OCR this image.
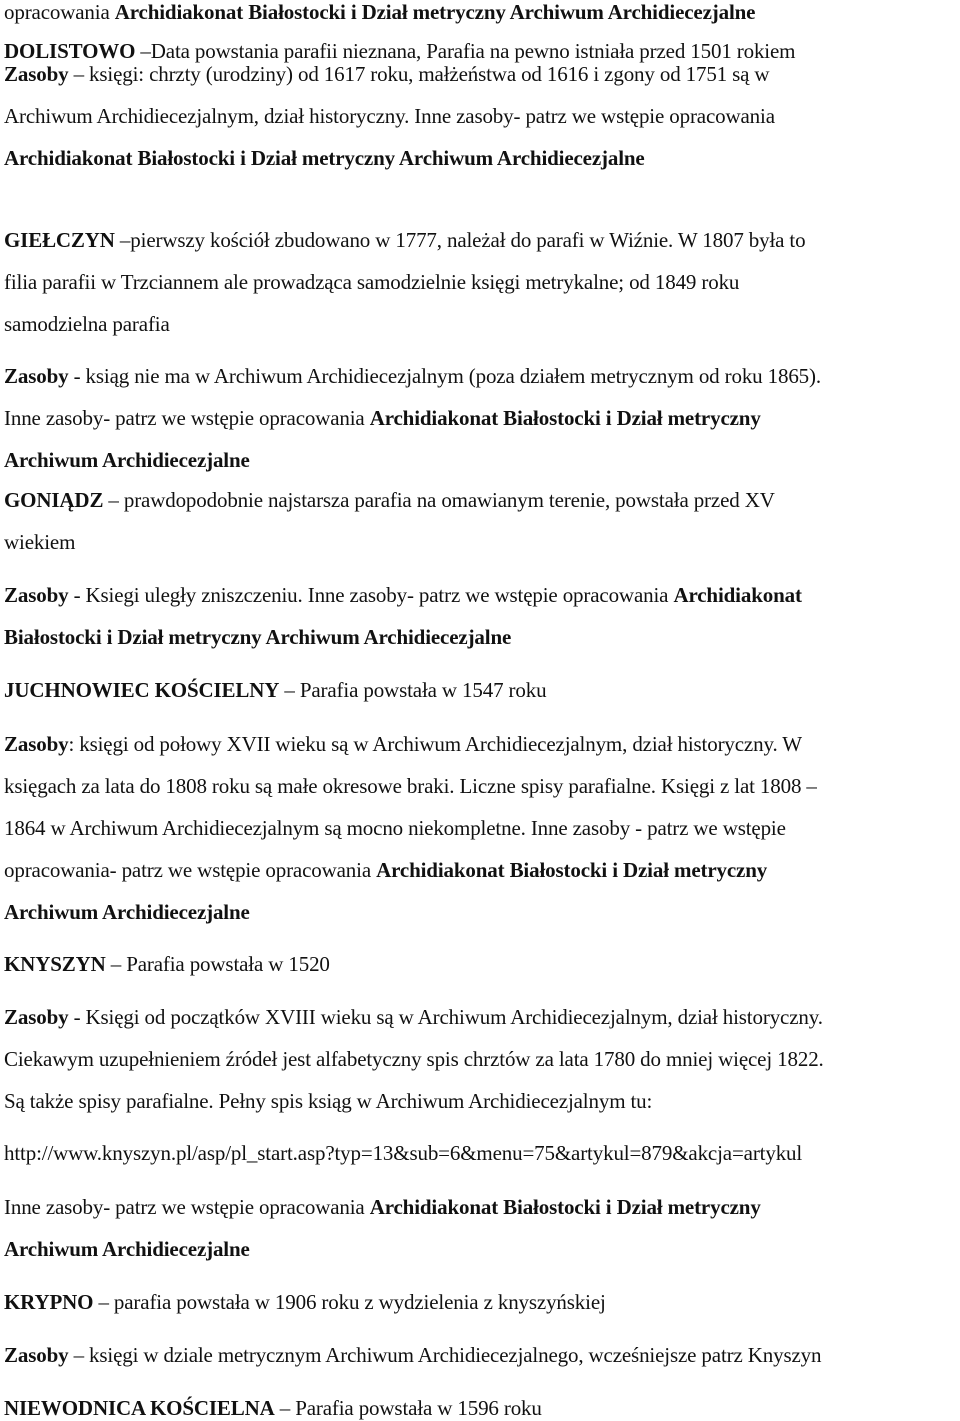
opracowania Archidiakonat Białostocki i Dział metryczny Archiwum Archidiecezjalne
DOLISTOWO –Data powstania parafii nieznana, Parafia na pewno istniała przed 1501 rokiem
Zasoby – księgi: chrzty (urodziny) od 1617 roku, małżeństwa od 1616 i zgony od 1751 są w
Archiwum Archidiecezjalnym, dział historyczny. Inne zasoby- patrz we wstępie opracowania
Archidiakonat Białostocki i Dział metryczny Archiwum Archidiecezjalne
GIEŁCZYN –pierwszy kościół zbudowano w 1777, należał do parafi w Wiźnie. W 1807 była to
filia parafii w Trzciannem ale prowadząca samodzielnie księgi metrykalne; od 1849 roku
samodzielna parafia
Zasoby - ksiąg nie ma w Archiwum Archidiecezjalnym (poza działem metrycznym od roku 1865).
Inne zasoby- patrz we wstępie opracowania Archidiakonat Białostocki i Dział metryczny
Archiwum Archidiecezjalne
GONIĄDZ – prawdopodobnie najstarsza parafia na omawianym terenie, powstała przed XV
wiekiem
Zasoby - Ksiegi uległy zniszczeniu. Inne zasoby- patrz we wstępie opracowania Archidiakonat
Białostocki i Dział metryczny Archiwum Archidiecezjalne
JUCHNOWIEC KOŚCIELNY – Parafia powstała w 1547 roku
Zasoby: księgi od połowy XVII wieku są w Archiwum Archidiecezjalnym, dział historyczny. W
księgach za lata do 1808 roku są małe okresowe braki. Liczne spisy parafialne. Księgi z lat 1808 –
1864 w Archiwum Archidiecezjalnym są mocno niekompletne. Inne zasoby - patrz we wstępie
opracowania- patrz we wstępie opracowania Archidiakonat Białostocki i Dział metryczny
Archiwum Archidiecezjalne
KNYSZYN – Parafia powstała w 1520
Zasoby - Księgi od początków XVIII wieku są w Archiwum Archidiecezjalnym, dział historyczny.
Ciekawym uzupełnieniem źródeł jest alfabetyczny spis chrztów za lata 1780 do mniej więcej 1822.
Są także spisy parafialne. Pełny spis ksiąg w Archiwum Archidiecezjalnym tu:
http://www.knyszyn.pl/asp/pl_start.asp?typ=13&sub=6&menu=75&artykul=879&akcja=artykul
Inne zasoby- patrz we wstępie opracowania Archidiakonat Białostocki i Dział metryczny
Archiwum Archidiecezjalne
KRYPNO – parafia powstała w 1906 roku z wydzielenia z knyszyńskiej
Zasoby – księgi w dziale metrycznym Archiwum Archidiecezjalnego, wcześniejsze patrz Knyszyn
NIEWODNICA KOŚCIELNA – Parafia powstała w 1596 roku
